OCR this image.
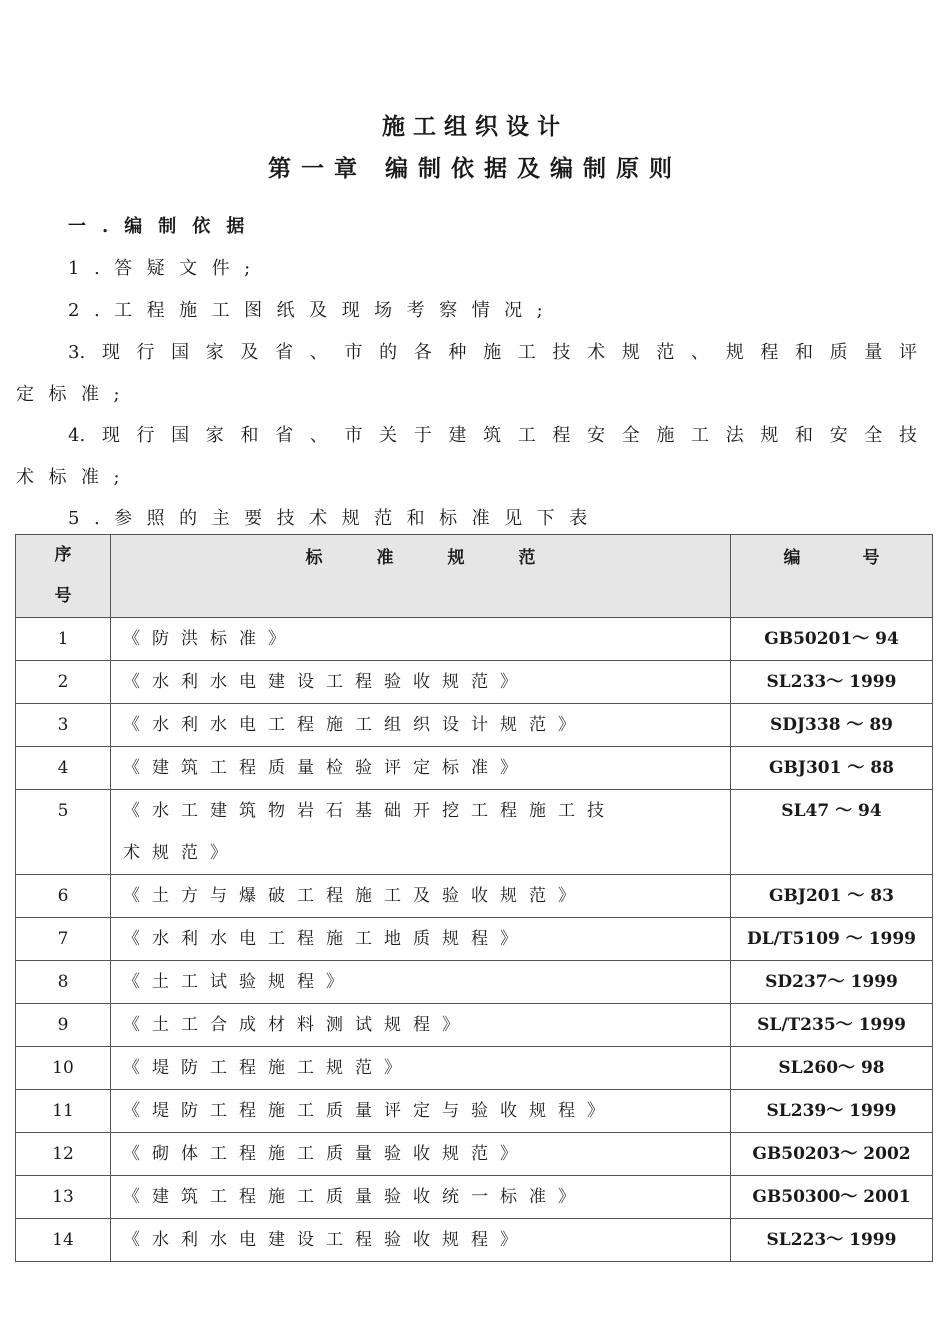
施工组织设计
第一章 编制依据及编制原则
一.编制依据
1.答疑文件;
2.工程施工图纸及现场考察情况;
3.现行国家及省、市的各种施工技术规范、规程和质量评
定标准;
4.现行国家和省、市关于建筑工程安全施工法规和安全技
术标准;
5.参照的主要技术规范和标准见下表
序
号	标准规范	编号
1	《防洪标准》	GB50201～ 94
2	《水利水电建设工程验收规范》	SL233～ 1999
3	《水利水电工程施工组织设计规范》	SDJ338 ～ 89
4	《建筑工程质量检验评定标准》	GBJ301 ～ 88
5	《水工建筑物岩石基础开挖工程施工技
术规范》	SL47 ～ 94
6	《土方与爆破工程施工及验收规范》	GBJ201 ～ 83
7	《水利水电工程施工地质规程》	DL/T5109 ～ 1999
8	《土工试验规程》	SD237～ 1999
9	《土工合成材料测试规程》	SL/T235～ 1999
10	《堤防工程施工规范》	SL260～ 98
11	《堤防工程施工质量评定与验收规程》	SL239～ 1999
12	《砌体工程施工质量验收规范》	GB50203～ 2002
13	《建筑工程施工质量验收统一标准》	GB50300～ 2001
14	《水利水电建设工程验收规程》	SL223～ 1999
